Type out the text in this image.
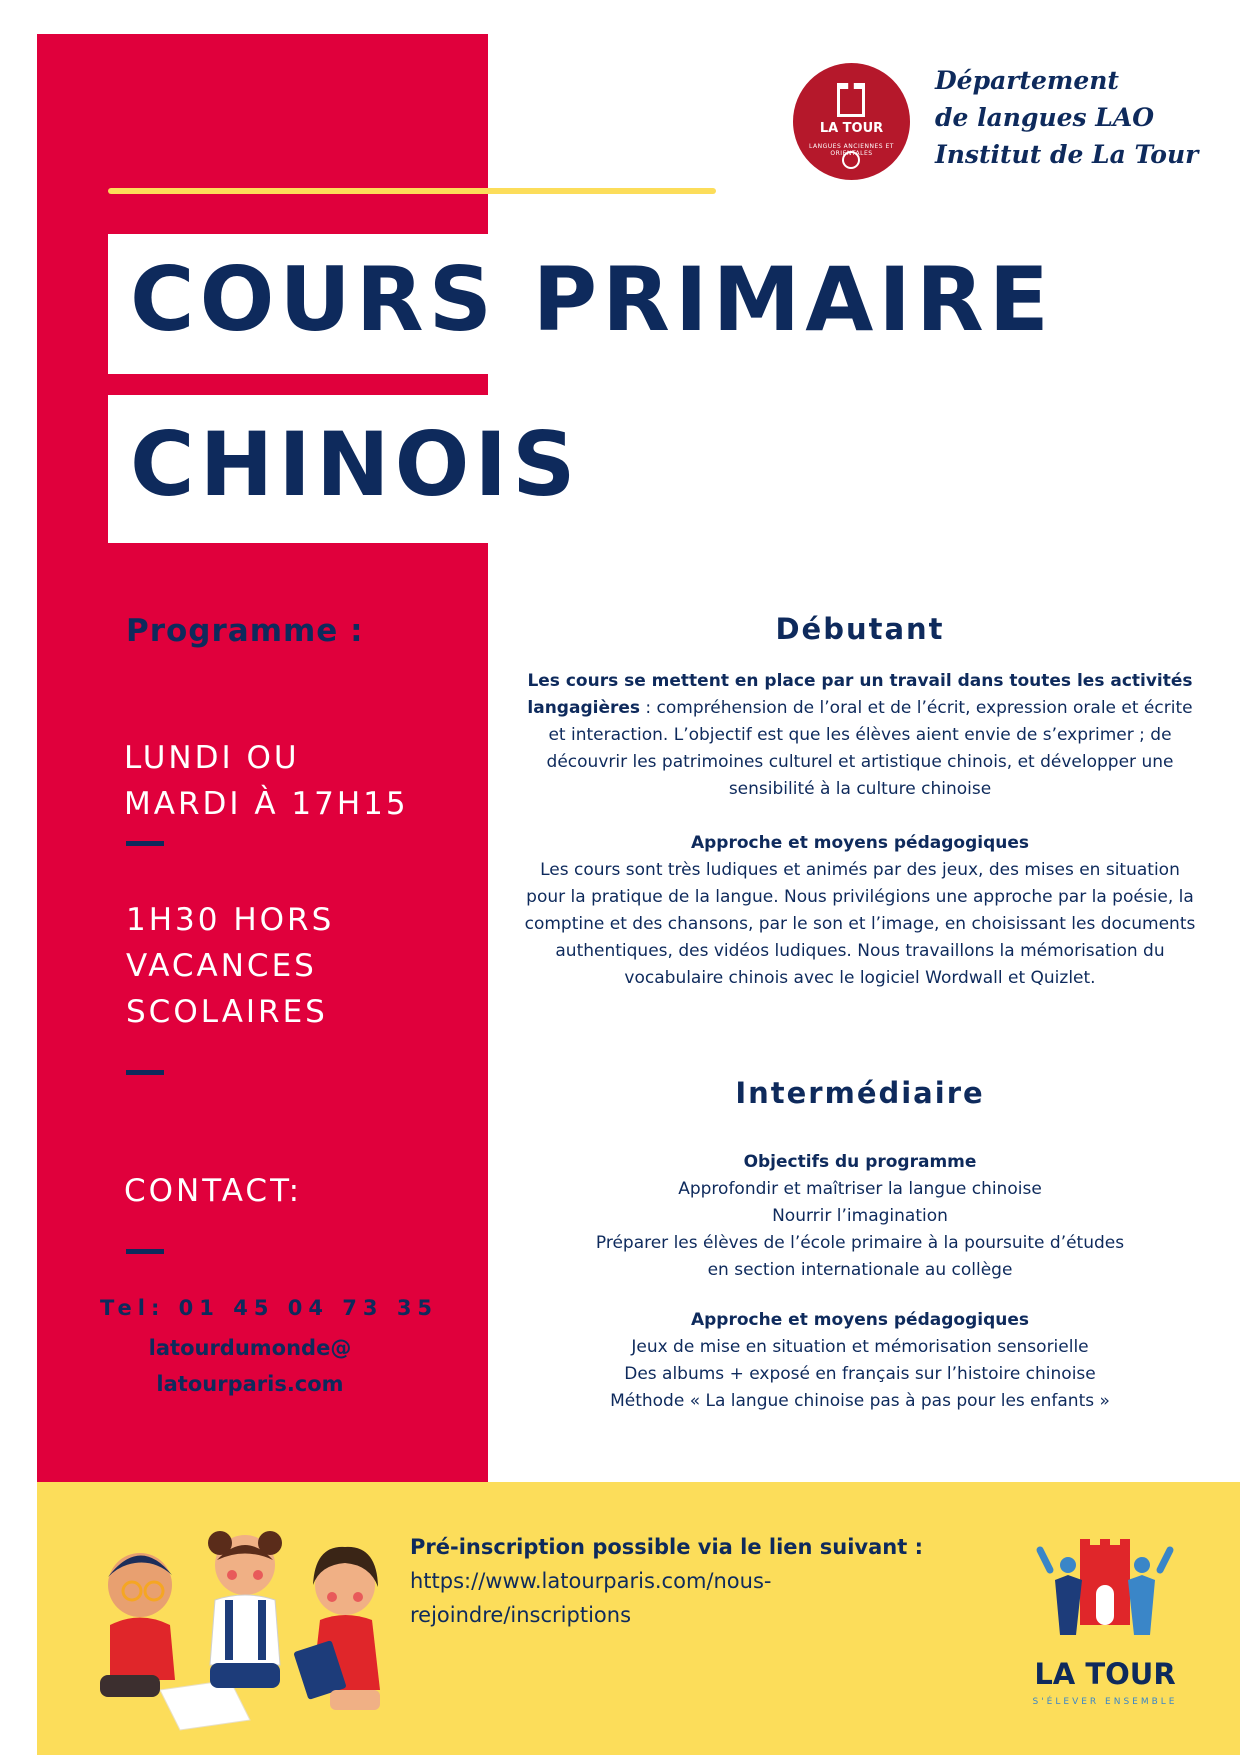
LA TOUR
LANGUES ANCIENNES ET ORIENTALES
Département
de langues LAO
Institut de La Tour
COURS PRIMAIRE
CHINOIS
Programme :
LUNDI OU
MARDI À 17H15
1H30 HORS
VACANCES
SCOLAIRES
CONTACT:
Tel: 01 45 04 73 35
latourdumonde@
latourparis.com
Débutant
Les cours se mettent en place par un travail dans toutes les activités langagières : compréhension de l’oral et de l’écrit, expression orale et écrite et interaction. L’objectif est que les élèves aient envie de s’exprimer ; de découvrir les patrimoines culturel et artistique chinois, et développer une sensibilité à la culture chinoise
Approche et moyens pédagogiques
Les cours sont très ludiques et animés par des jeux, des mises en situation pour la pratique de la langue. Nous privilégions une approche par la poésie, la comptine et des chansons, par le son et l’image, en choisissant les documents authentiques, des vidéos ludiques. Nous travaillons la mémorisation du vocabulaire chinois avec le logiciel Wordwall et Quizlet.
Intermédiaire
Objectifs du programme
Approfondir et maîtriser la langue chinoise
Nourrir l’imagination
Préparer les élèves de l’école primaire à la poursuite d’études
en section internationale au collège
Approche et moyens pédagogiques
Jeux de mise en situation et mémorisation sensorielle
Des albums + exposé en français sur l’histoire chinoise
Méthode « La langue chinoise pas à pas pour les enfants »
Pré-inscription possible via le lien suivant :
https://www.latourparis.com/nous-rejoindre/inscriptions
LA TOUR
S'ÉLEVER ENSEMBLE
